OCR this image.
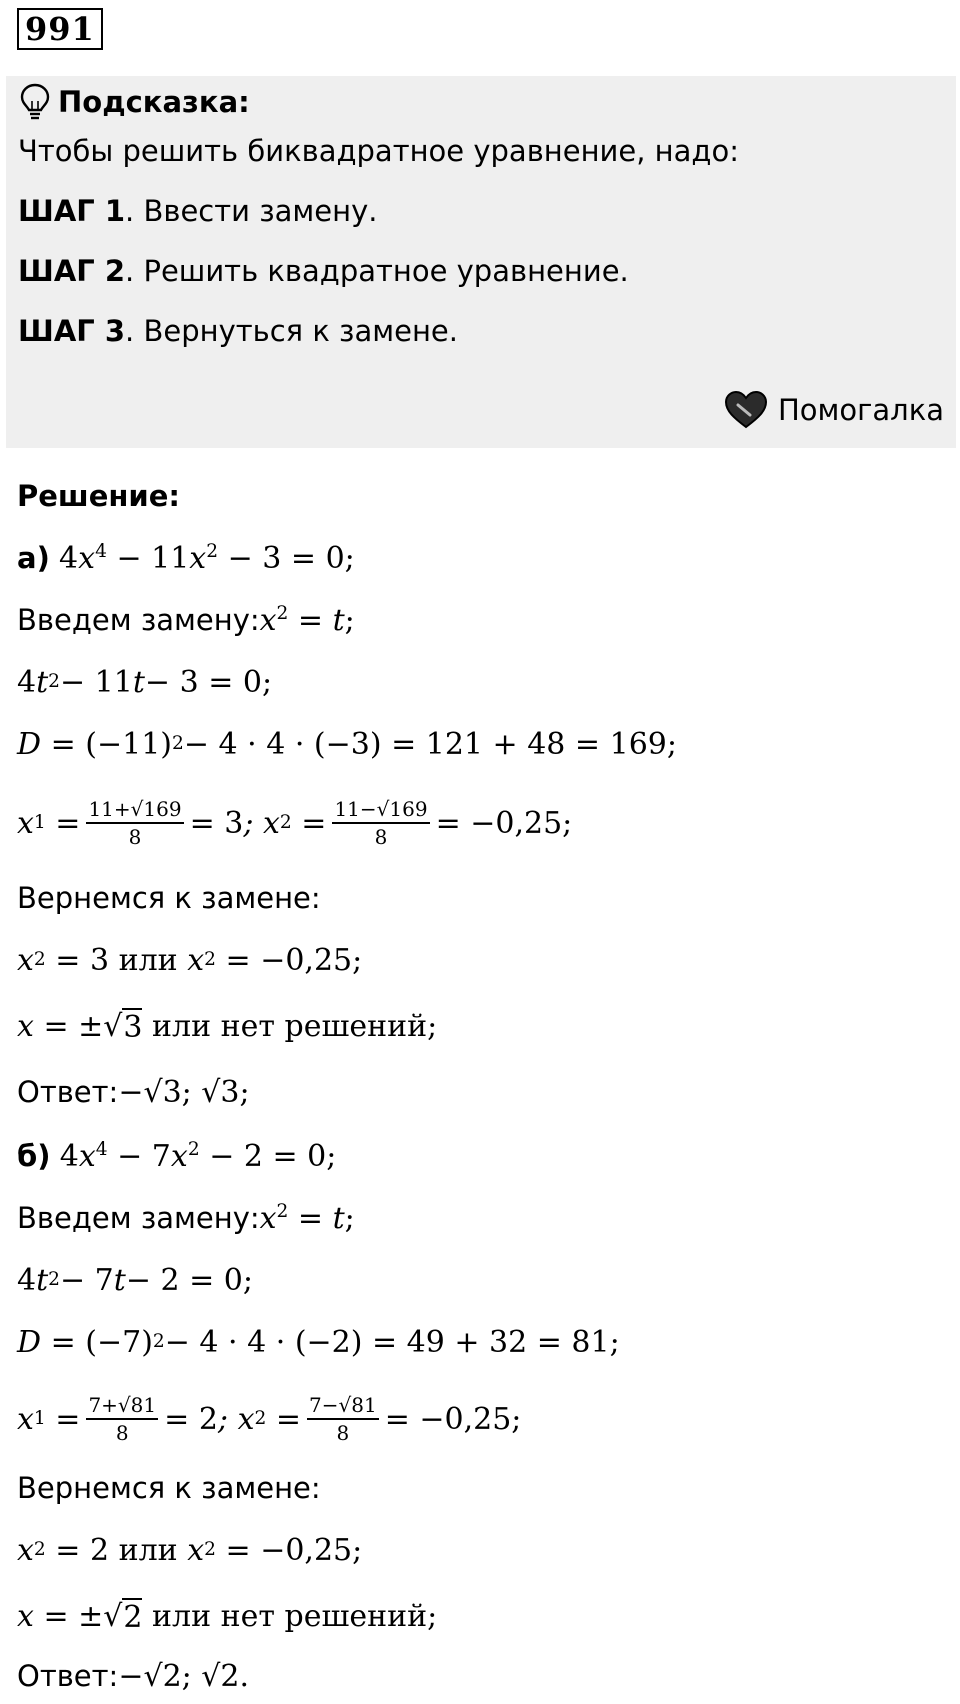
991
Подсказка:
Чтобы решить биквадратное уравнение, надо:
ШАГ 1. Ввести замену.
ШАГ 2. Решить квадратное уравнение.
ШАГ 3. Вернуться к замене.
Помогалка
Решение:
а)
$4x^4 - 11x^2 - 3 = 0$;
Введем замену: $x^2 = t$;
4 t 2 − 11 t − 3 = 0;
D = (−11) 2 − 4 · 4 · (−3) = 121 + 48 = 169;
x $1 = \frac{11+√169}{8} = 3$ ;
x $2 = \frac{11-√169}{8} = -0,25$;
Вернемся к замене:
x 2 = 3 или
x 2 = −0,25;
x = ±√ 3
или
нет решений;
Ответ: −√3; √3;
б)
$4x^4 - 7x^2 - 2 = 0$;
Введем замену: $x^2 = t$;
4 t 2 − 7 t − 2 = 0;
D = (−7) 2 − 4 · 4 · (−2) = 49 + 32 = 81;
x $1 = \frac{7+√81}{8} = 2$ ;
x $2 = \frac{7-√81}{8} = -0,25$;
Вернемся к замене:
x 2 = 2 или
x 2 = −0,25;
x = ±√ 2
или
нет решений;
Ответ: −√2; √2.
